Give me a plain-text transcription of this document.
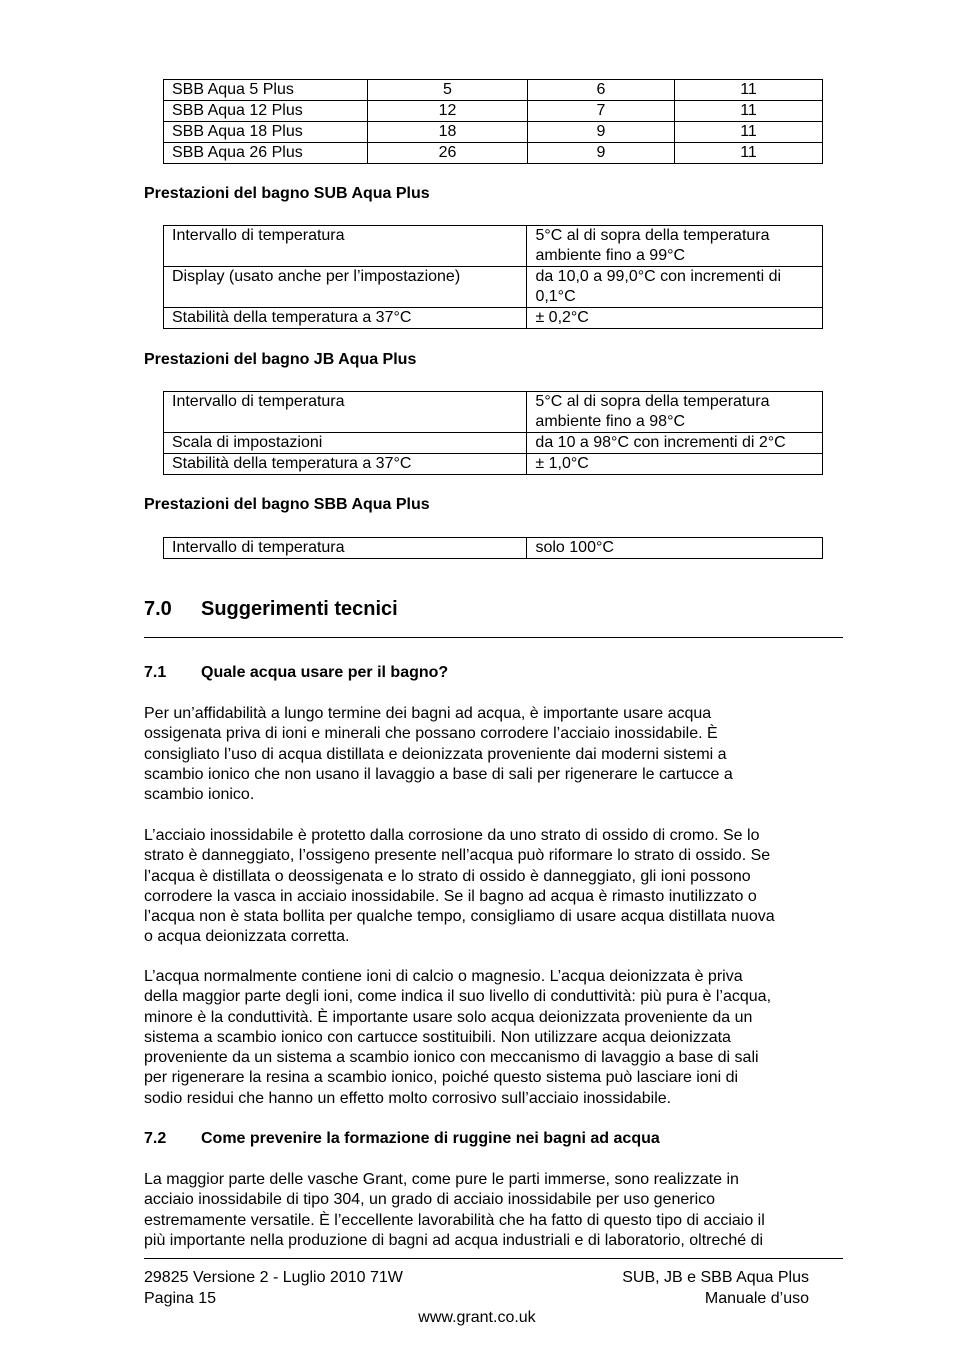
SBB Aqua 5 Plus	5	6	11
SBB Aqua 12 Plus	12	7	11
SBB Aqua 18 Plus	18	9	11
SBB Aqua 26 Plus	26	9	11
Prestazioni del bagno SUB Aqua Plus
Intervallo di temperatura	5°C al di sopra della temperatura ambiente fino a 99°C
Display (usato anche per l’impostazione)	da 10,0 a 99,0°C con incrementi di 0,1°C
Stabilità della temperatura a 37°C	± 0,2°C
Prestazioni del bagno JB Aqua Plus
Intervallo di temperatura	5°C al di sopra della temperatura ambiente fino a 98°C
Scala di impostazioni	da 10 a 98°C con incrementi di 2°C
Stabilità della temperatura a 37°C	± 1,0°C
Prestazioni del bagno SBB Aqua Plus
Intervallo di temperatura	solo 100°C
7.0 Suggerimenti tecnici
7.1 Quale acqua usare per il bagno?
Per un’affidabilità a lungo termine dei bagni ad acqua, è importante usare acqua
ossigenata priva di ioni e minerali che possano corrodere l’acciaio inossidabile. È
consigliato l’uso di acqua distillata e deionizzata proveniente dai moderni sistemi a
scambio ionico che non usano il lavaggio a base di sali per rigenerare le cartucce a
scambio ionico.
L’acciaio inossidabile è protetto dalla corrosione da uno strato di ossido di cromo. Se lo
strato è danneggiato, l’ossigeno presente nell’acqua può riformare lo strato di ossido. Se
l’acqua è distillata o deossigenata e lo strato di ossido è danneggiato, gli ioni possono
corrodere la vasca in acciaio inossidabile. Se il bagno ad acqua è rimasto inutilizzato o
l’acqua non è stata bollita per qualche tempo, consigliamo di usare acqua distillata nuova
o acqua deionizzata corretta.
L’acqua normalmente contiene ioni di calcio o magnesio. L’acqua deionizzata è priva
della maggior parte degli ioni, come indica il suo livello di conduttività: più pura è l’acqua,
minore è la conduttività. È importante usare solo acqua deionizzata proveniente da un
sistema a scambio ionico con cartucce sostituibili. Non utilizzare acqua deionizzata
proveniente da un sistema a scambio ionico con meccanismo di lavaggio a base di sali
per rigenerare la resina a scambio ionico, poiché questo sistema può lasciare ioni di
sodio residui che hanno un effetto molto corrosivo sull’acciaio inossidabile.
7.2 Come prevenire la formazione di ruggine nei bagni ad acqua
La maggior parte delle vasche Grant, come pure le parti immerse, sono realizzate in
acciaio inossidabile di tipo 304, un grado di acciaio inossidabile per uso generico
estremamente versatile. È l’eccellente lavorabilità che ha fatto di questo tipo di acciaio il
più importante nella produzione di bagni ad acqua industriali e di laboratorio, oltreché di
29825 Versione 2 - Luglio 2010 71W
Pagina 15
SUB, JB e SBB Aqua Plus
Manuale d’uso
www.grant.co.uk
